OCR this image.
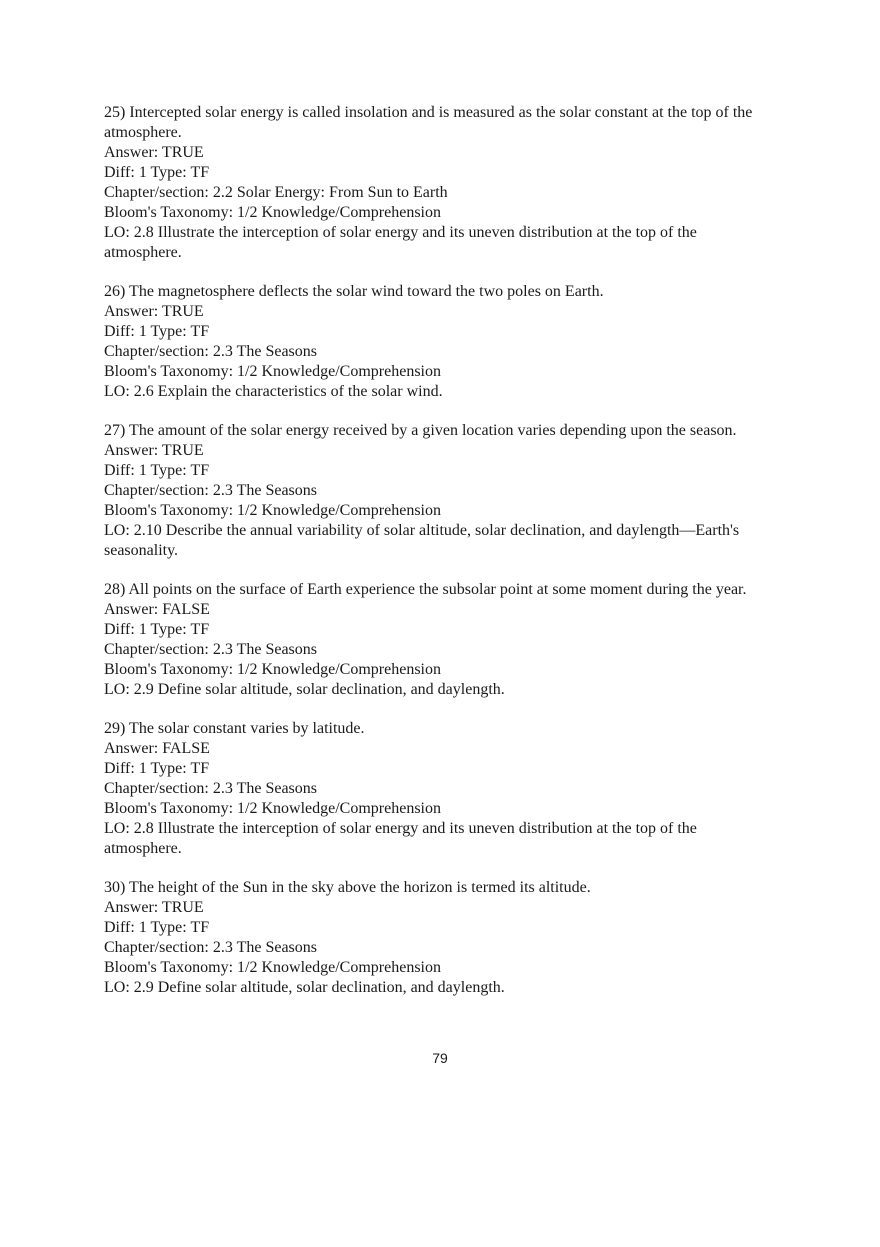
25) Intercepted solar energy is called insolation and is measured as the solar constant at the top of the atmosphere.
Answer: TRUE
Diff: 1 Type: TF
Chapter/section: 2.2 Solar Energy: From Sun to Earth
Bloom's Taxonomy: 1/2 Knowledge/Comprehension
LO: 2.8 Illustrate the interception of solar energy and its uneven distribution at the top of the atmosphere.
26) The magnetosphere deflects the solar wind toward the two poles on Earth.
Answer: TRUE
Diff: 1 Type: TF
Chapter/section: 2.3 The Seasons
Bloom's Taxonomy: 1/2 Knowledge/Comprehension
LO: 2.6 Explain the characteristics of the solar wind.
27) The amount of the solar energy received by a given location varies depending upon the season.
Answer: TRUE
Diff: 1 Type: TF
Chapter/section: 2.3 The Seasons
Bloom's Taxonomy: 1/2 Knowledge/Comprehension
LO: 2.10 Describe the annual variability of solar altitude, solar declination, and daylength—Earth's seasonality.
28) All points on the surface of Earth experience the subsolar point at some moment during the year.
Answer: FALSE
Diff: 1 Type: TF
Chapter/section: 2.3 The Seasons
Bloom's Taxonomy: 1/2 Knowledge/Comprehension
LO: 2.9 Define solar altitude, solar declination, and daylength.
29) The solar constant varies by latitude.
Answer: FALSE
Diff: 1 Type: TF
Chapter/section: 2.3 The Seasons
Bloom's Taxonomy: 1/2 Knowledge/Comprehension
LO: 2.8 Illustrate the interception of solar energy and its uneven distribution at the top of the atmosphere.
30) The height of the Sun in the sky above the horizon is termed its altitude.
Answer: TRUE
Diff: 1 Type: TF
Chapter/section: 2.3 The Seasons
Bloom's Taxonomy: 1/2 Knowledge/Comprehension
LO: 2.9 Define solar altitude, solar declination, and daylength.
79
